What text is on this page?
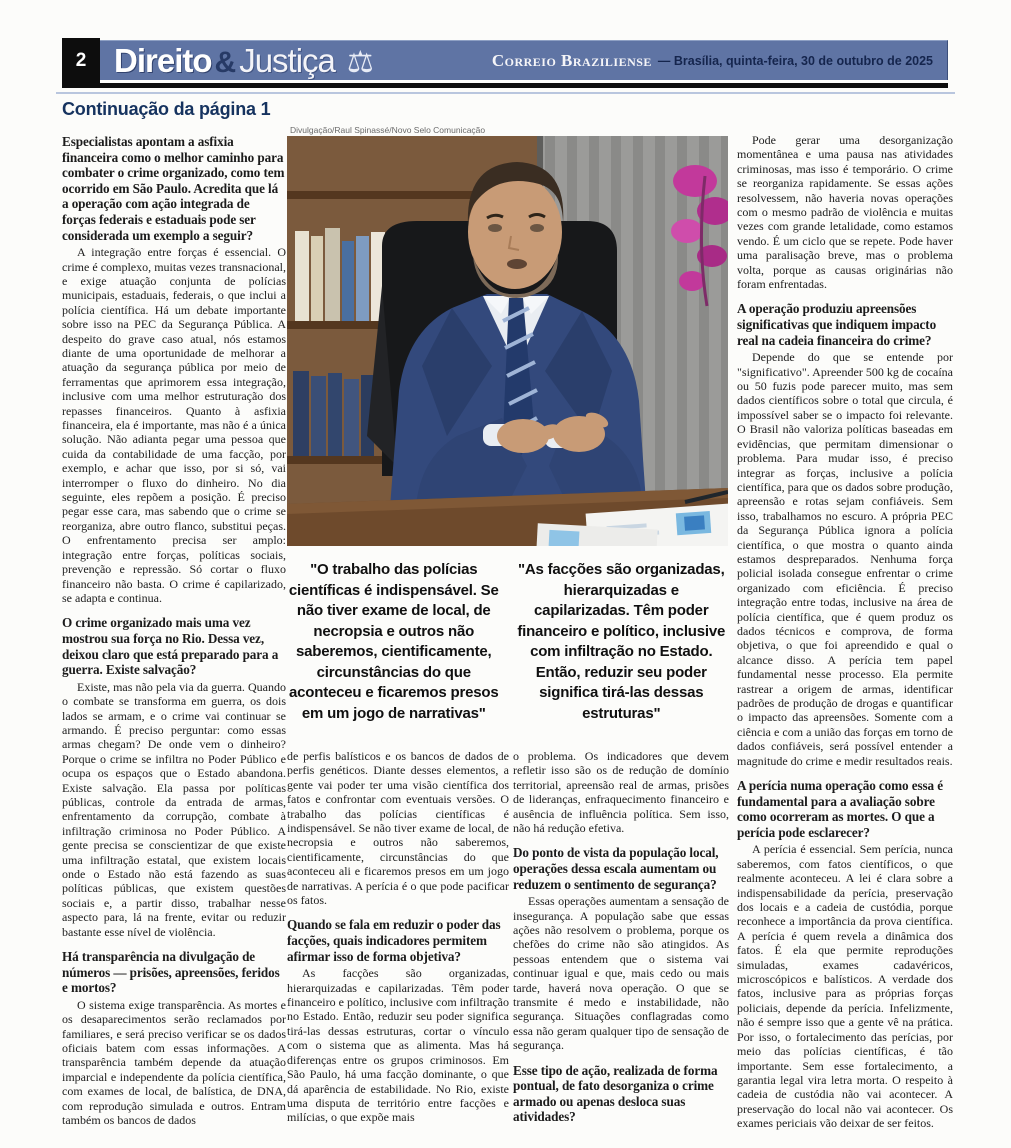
2 Direito & Justiça ⚖	Correio Braziliense — Brasília, quinta-feira, 30 de outubro de 2025
Continuação da página 1
Divulgação/Raul Spinassé/Novo Selo Comunicação
"O trabalho das polícias científicas é indispensável. Se não tiver exame de local, de necropsia e outros não saberemos, cientificamente, circunstâncias do que aconteceu e ficaremos presos em um jogo de narrativas"
"As facções são organizadas, hierarquizadas e capilarizadas. Têm poder financeiro e político, inclusive com infiltração no Estado. Então, reduzir seu poder significa tirá-las dessas estruturas"
Especialistas apontam a asfixia financeira como o melhor caminho para combater o crime organizado, como tem ocorrido em São Paulo. Acredita que lá a operação com ação integrada de forças federais e estaduais pode ser considerada um exemplo a seguir?

A integração entre forças é essencial. O crime é complexo, muitas vezes transnacional, e exige atuação conjunta de polícias municipais, estaduais, federais, o que inclui a polícia científica. Há um debate importante sobre isso na PEC da Segurança Pública. A despeito do grave caso atual, nós estamos diante de uma oportunidade de melhorar a atuação da segurança pública por meio de ferramentas que aprimorem essa integração, inclusive com uma melhor estruturação dos repasses financeiros. Quanto à asfixia financeira, ela é importante, mas não é a única solução. Não adianta pegar uma pessoa que cuida da contabilidade de uma facção, por exemplo, e achar que isso, por si só, vai interromper o fluxo do dinheiro. No dia seguinte, eles repõem a posição. É preciso pegar esse cara, mas sabendo que o crime se reorganiza, abre outro flanco, substitui peças. O enfrentamento precisa ser amplo: integração entre forças, políticas sociais, prevenção e repressão. Só cortar o fluxo financeiro não basta. O crime é capilarizado, se adapta e continua.

O crime organizado mais uma vez mostrou sua força no Rio. Dessa vez, deixou claro que está preparado para a guerra. Existe salvação?

Existe, mas não pela via da guerra. Quando o combate se transforma em guerra, os dois lados se armam, e o crime vai continuar se armando. É preciso perguntar: como essas armas chegam? De onde vem o dinheiro? Porque o crime se infiltra no Poder Público e ocupa os espaços que o Estado abandona. Existe salvação. Ela passa por políticas públicas, controle da entrada de armas, enfrentamento da corrupção, combate à infiltração criminosa no Poder Público. A gente precisa se conscientizar de que existe uma infiltração estatal, que existem locais onde o Estado não está fazendo as suas políticas públicas, que existem questões sociais e, a partir disso, trabalhar nesse aspecto para, lá na frente, evitar ou reduzir bastante esse nível de violência.

Há transparência na divulgação de números — prisões, apreensões, feridos e mortos?

O sistema exige transparência. As mortes e os desaparecimentos serão reclamados por familiares, e será preciso verificar se os dados oficiais batem com essas informações. A transparência também depende da atuação imparcial e independente da polícia científica, com exames de local, de balística, de DNA, com reprodução simulada e outros. Entram também os bancos de dados

de perfis balísticos e os bancos de dados de perfis genéticos. Diante desses elementos, a gente vai poder ter uma visão científica dos fatos e confrontar com eventuais versões. O trabalho das polícias científicas é indispensável. Se não tiver exame de local, de necropsia e outros não saberemos, cientificamente, circunstâncias do que aconteceu ali e ficaremos presos em um jogo de narrativas. A perícia é o que pode pacificar os fatos.

Quando se fala em reduzir o poder das facções, quais indicadores permitem afirmar isso de forma objetiva?

As facções são organizadas, hierarquizadas e capilarizadas. Têm poder financeiro e político, inclusive com infiltração no Estado. Então, reduzir seu poder significa tirá-las dessas estruturas, cortar o vínculo com o sistema que as alimenta. Mas há diferenças entre os grupos criminosos. Em São Paulo, há uma facção dominante, o que dá aparência de estabilidade. No Rio, existe uma disputa de território entre facções e milícias, o que expõe mais

o problema. Os indicadores que devem refletir isso são os de redução de domínio territorial, apreensão real de armas, prisões de lideranças, enfraquecimento financeiro e ausência de influência política. Sem isso, não há redução efetiva.

Do ponto de vista da população local, operações dessa escala aumentam ou reduzem o sentimento de segurança?

Essas operações aumentam a sensação de insegurança. A população sabe que essas ações não resolvem o problema, porque os chefões do crime não são atingidos. As pessoas entendem que o sistema vai continuar igual e que, mais cedo ou mais tarde, haverá nova operação. O que se transmite é medo e instabilidade, não segurança. Situações conflagradas como essa não geram qualquer tipo de sensação de segurança.

Esse tipo de ação, realizada de forma pontual, de fato desorganiza o crime armado ou apenas desloca suas atividades?

Pode gerar uma desorganização momentânea e uma pausa nas atividades criminosas, mas isso é temporário. O crime se reorganiza rapidamente. Se essas ações resolvessem, não haveria novas operações com o mesmo padrão de violência e muitas vezes com grande letalidade, como estamos vendo. É um ciclo que se repete. Pode haver uma paralisação breve, mas o problema volta, porque as causas originárias não foram enfrentadas.

A operação produziu apreensões significativas que indiquem impacto real na cadeia financeira do crime?

Depende do que se entende por "significativo". Apreender 500 kg de cocaína ou 50 fuzis pode parecer muito, mas sem dados científicos sobre o total que circula, é impossível saber se o impacto foi relevante. O Brasil não valoriza políticas baseadas em evidências, que permitam dimensionar o problema. Para mudar isso, é preciso integrar as forças, inclusive a polícia científica, para que os dados sobre produção, apreensão e rotas sejam confiáveis. Sem isso, trabalhamos no escuro. A própria PEC da Segurança Pública ignora a polícia científica, o que mostra o quanto ainda estamos despreparados. Nenhuma força policial isolada consegue enfrentar o crime organizado com eficiência. É preciso integração entre todas, inclusive na área de polícia científica, que é quem produz os dados técnicos e comprova, de forma objetiva, o que foi apreendido e qual o alcance disso. A perícia tem papel fundamental nesse processo. Ela permite rastrear a origem de armas, identificar padrões de produção de drogas e quantificar o impacto das apreensões. Somente com a ciência e com a união das forças em torno de dados confiáveis, será possível entender a magnitude do crime e medir resultados reais.

A perícia numa operação como essa é fundamental para a avaliação sobre como ocorreram as mortes. O que a perícia pode esclarecer?

A perícia é essencial. Sem perícia, nunca saberemos, com fatos científicos, o que realmente aconteceu. A lei é clara sobre a indispensabilidade da perícia, preservação dos locais e a cadeia de custódia, porque reconhece a importância da prova científica. A perícia é quem revela a dinâmica dos fatos. É ela que permite reproduções simuladas, exames cadavéricos, microscópicos e balísticos. A verdade dos fatos, inclusive para as próprias forças policiais, depende da perícia. Infelizmente, não é sempre isso que a gente vê na prática. Por isso, o fortalecimento das perícias, por meio das polícias científicas, é tão importante. Sem esse fortalecimento, a garantia legal vira letra morta. O respeito à cadeia de custódia não vai acontecer. A preservação do local não vai acontecer. Os exames periciais vão deixar de ser feitos.
